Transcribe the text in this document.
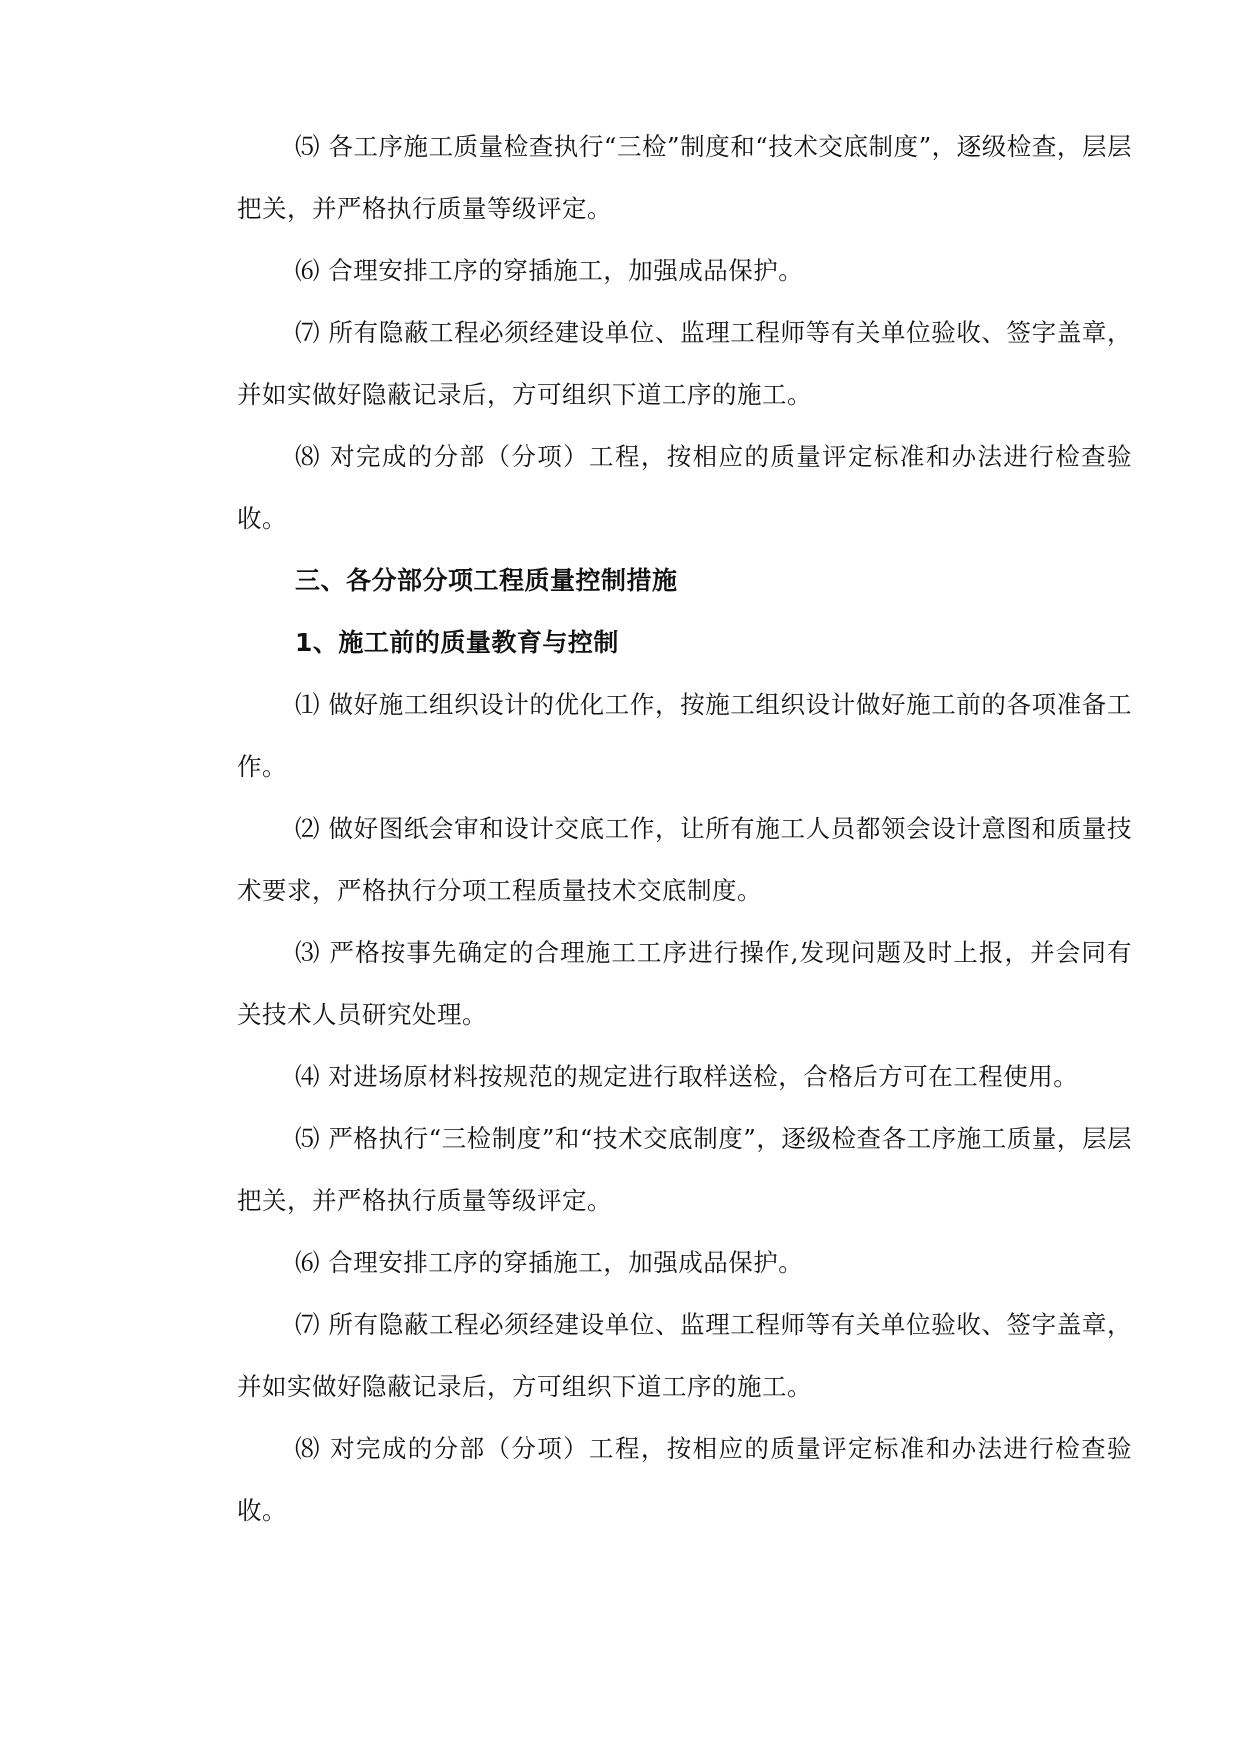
⑸ 各工序施工质量检查执行“三检”制度和“技术交底制度”，逐级检查，层层把关，并严格执行质量等级评定。

⑹ 合理安排工序的穿插施工，加强成品保护。

⑺ 所有隐蔽工程必须经建设单位、监理工程师等有关单位验收、签字盖章，并如实做好隐蔽记录后，方可组织下道工序的施工。

⑻ 对完成的分部（分项）工程，按相应的质量评定标准和办法进行检查验收。

三、各分部分项工程质量控制措施

1、施工前的质量教育与控制

⑴ 做好施工组织设计的优化工作，按施工组织设计做好施工前的各项准备工作。

⑵ 做好图纸会审和设计交底工作，让所有施工人员都领会设计意图和质量技术要求，严格执行分项工程质量技术交底制度。

⑶ 严格按事先确定的合理施工工序进行操作,发现问题及时上报，并会同有关技术人员研究处理。

⑷ 对进场原材料按规范的规定进行取样送检，合格后方可在工程使用。

⑸ 严格执行“三检制度”和“技术交底制度”，逐级检查各工序施工质量，层层把关，并严格执行质量等级评定。

⑹ 合理安排工序的穿插施工，加强成品保护。

⑺ 所有隐蔽工程必须经建设单位、监理工程师等有关单位验收、签字盖章，并如实做好隐蔽记录后，方可组织下道工序的施工。

⑻ 对完成的分部（分项）工程，按相应的质量评定标准和办法进行检查验收。
